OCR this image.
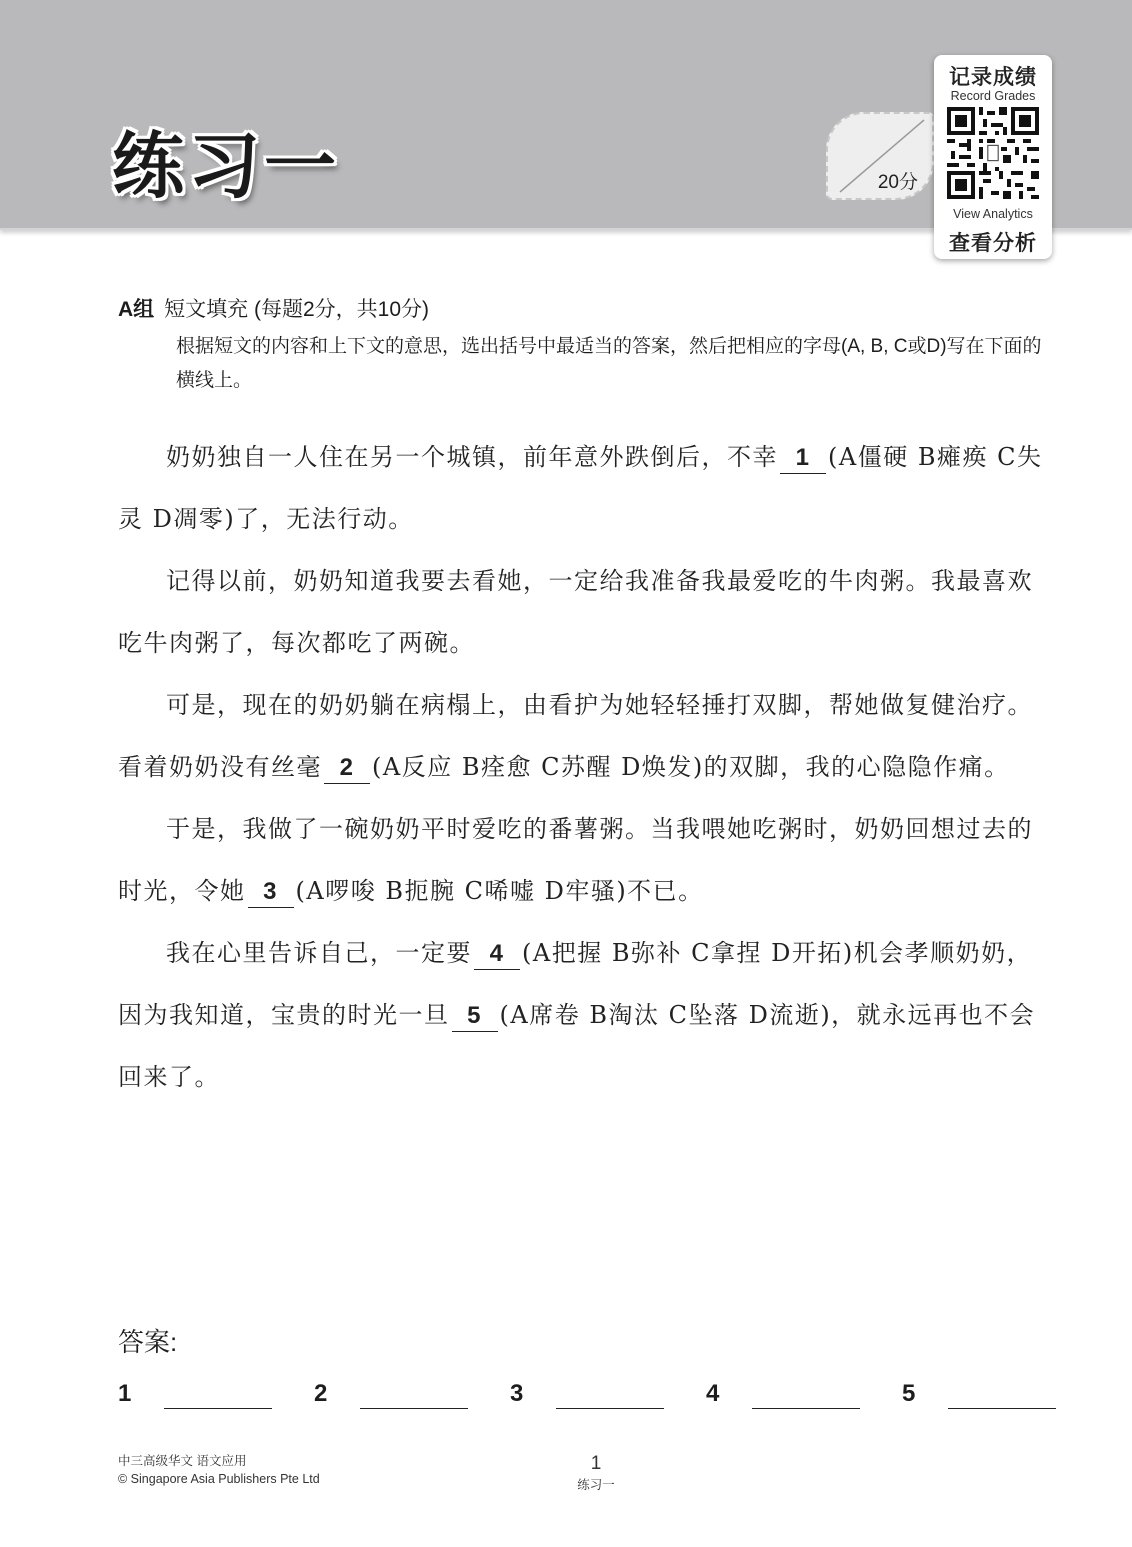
练习一	20分
记录成绩
Record Grades
View Analytics
查看分析
A组 短文填充 (每题2分，共10分)
根据短文的内容和上下文的意思，选出括号中最适当的答案，然后把相应的字母(A, B, C或D)写在下面的横线上。

奶奶独自一人住在另一个城镇，前年意外跌倒后，不幸 1 (A僵硬 B瘫痪 C失灵 D凋零)了，无法行动。

记得以前，奶奶知道我要去看她，一定给我准备我最爱吃的牛肉粥。我最喜欢吃牛肉粥了，每次都吃了两碗。

可是，现在的奶奶躺在病榻上，由看护为她轻轻捶打双脚，帮她做复健治疗。看着奶奶没有丝毫 2 (A反应 B痊愈 C苏醒 D焕发)的双脚，我的心隐隐作痛。

于是，我做了一碗奶奶平时爱吃的番薯粥。当我喂她吃粥时，奶奶回想过去的时光，令她 3 (A啰唆 B扼腕 C唏嘘 D牢骚)不已。

我在心里告诉自己，一定要 4 (A把握 B弥补 C拿捏 D开拓)机会孝顺奶奶，因为我知道，宝贵的时光一旦 5 (A席卷 B淘汰 C坠落 D流逝)，就永远再也不会回来了。

答案:
1	2	3	4	5
中三高级华文 语文应用
© Singapore Asia Publishers Pte Ltd
1
练习一
